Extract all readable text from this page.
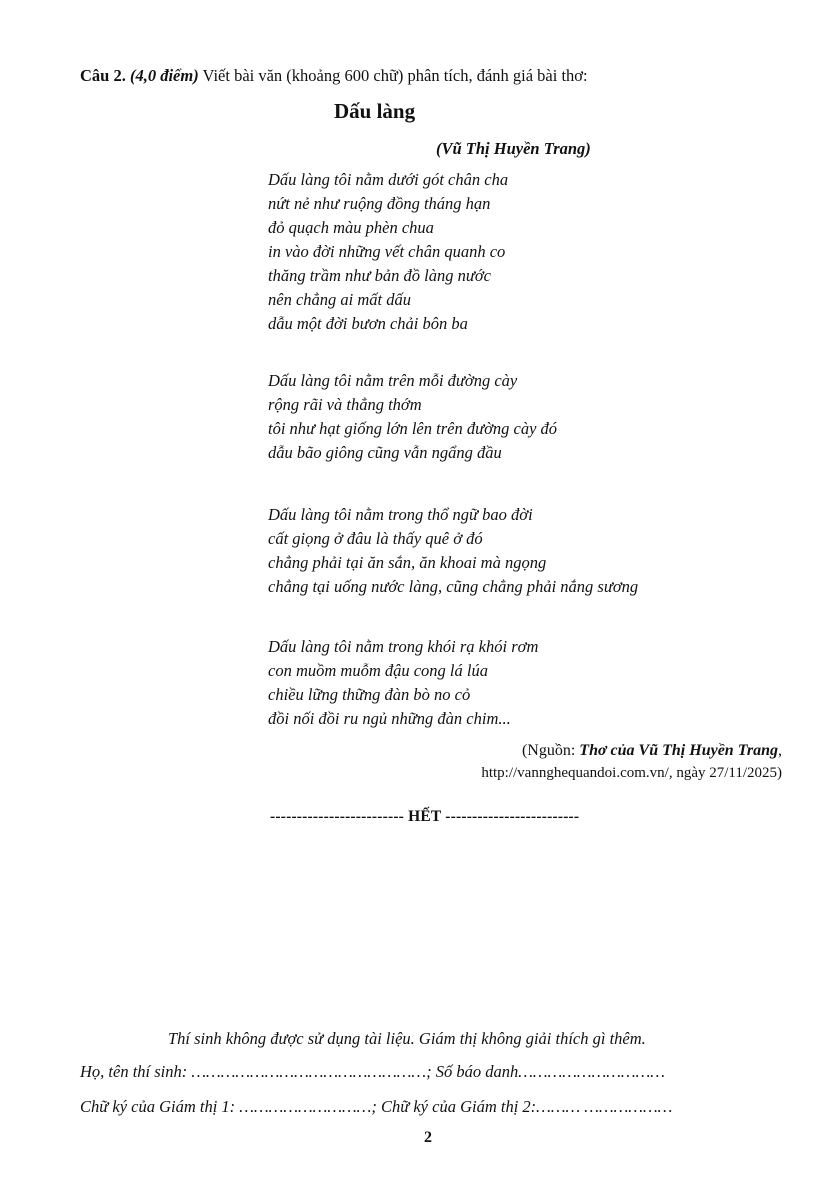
Câu 2. (4,0 điểm) Viết bài văn (khoảng 600 chữ) phân tích, đánh giá bài thơ:
Dấu làng
(Vũ Thị Huyền Trang)
Dấu làng tôi nằm dưới gót chân cha
nứt nẻ như ruộng đồng tháng hạn
đỏ quạch màu phèn chua
in vào đời những vết chân quanh co
thăng trầm như bản đồ làng nước
nên chẳng ai mất dấu
dẫu một đời bươn chải bôn ba
Dấu làng tôi nằm trên mỗi đường cày
rộng rãi và thẳng thớm
tôi như hạt giống lớn lên trên đường cày đó
dẫu bão giông cũng vẫn ngẩng đầu
Dấu làng tôi nằm trong thổ ngữ bao đời
cất giọng ở đâu là thấy quê ở đó
chẳng phải tại ăn sắn, ăn khoai mà ngọng
chẳng tại uống nước làng, cũng chẳng phải nắng sương
Dấu làng tôi nằm trong khói rạ khói rơm
con muồm muỗm đậu cong lá lúa
chiều lững thững đàn bò no cỏ
đồi nối đồi ru ngủ những đàn chim...
(Nguồn: Thơ của Vũ Thị Huyền Trang,
http://vannghequandoi.com.vn/, ngày 27/11/2025)
------------------------- HẾT -------------------------
Thí sinh không được sử dụng tài liệu. Giám thị không giải thích gì thêm.
Họ, tên thí sinh: …………………………………………; Số báo danh…………………………
Chữ ký của Giám thị 1: ………………………; Chữ ký của Giám thị 2:……… ………………
2
